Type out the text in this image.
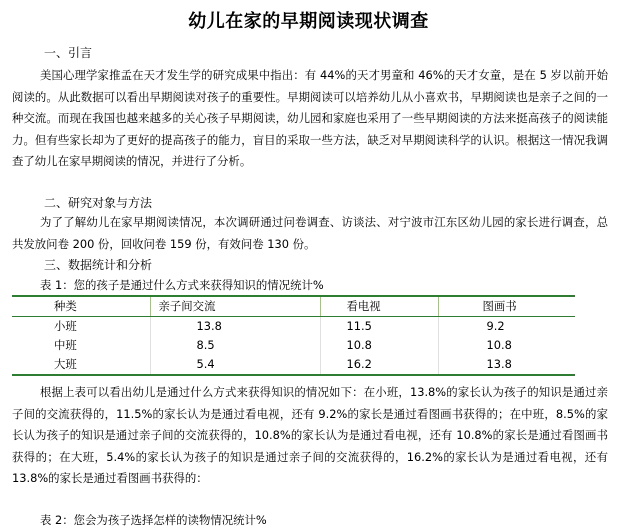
幼儿在家的早期阅读现状调查
一、引言
美国心理学家推孟在天才发生学的研究成果中指出：有 44%的天才男童和 46%的天才女童，是在 5 岁以前开始阅读的。从此数据可以看出早期阅读对孩子的重要性。早期阅读可以培养幼儿从小喜欢书，早期阅读也是亲子之间的一种交流。而现在我国也越来越多的关心孩子早期阅读，幼儿园和家庭也采用了一些早期阅读的方法来挺高孩子的阅读能力。但有些家长却为了更好的提高孩子的能力，盲目的采取一些方法，缺乏对早期阅读科学的认识。根据这一情况我调查了幼儿在家早期阅读的情况，并进行了分析。
二、研究对象与方法
为了了解幼儿在家早期阅读情况，本次调研通过问卷调查、访谈法、对宁波市江东区幼儿园的家长进行调查，总共发放问卷 200 份，回收问卷 159 份，有效问卷 130 份。
三、数据统计和分析
表 1：您的孩子是通过什么方式来获得知识的情况统计%
种类	亲子间交流	看电视	图画书
小班	13.8	11.5	9.2
中班	8.5	10.8	10.8
大班	5.4	16.2	13.8
根据上表可以看出幼儿是通过什么方式来获得知识的情况如下：在小班，13.8%的家长认为孩子的知识是通过亲子间的交流获得的，11.5%的家长认为是通过看电视，还有 9.2%的家长是通过看图画书获得的；在中班，8.5%的家长认为孩子的知识是通过亲子间的交流获得的，10.8%的家长认为是通过看电视，还有 10.8%的家长是通过看图画书获得的；在大班，5.4%的家长认为孩子的知识是通过亲子间的交流获得的，16.2%的家长认为是通过看电视，还有 13.8%的家长是通过看图画书获得的：
表 2：您会为孩子选择怎样的读物情况统计%
